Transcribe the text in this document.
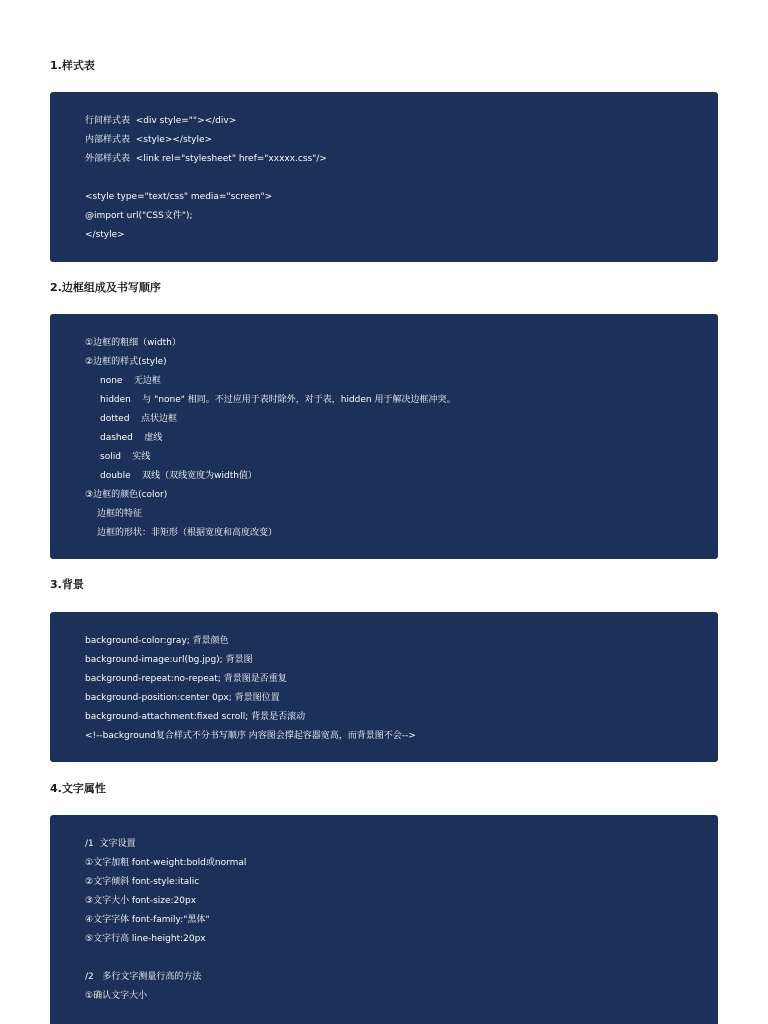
1.样式表
行间样式表  <div style=""></div>
内部样式表  <style></style>
外部样式表  <link rel="stylesheet" href="xxxxx.css"/>
<style type="text/css" media="screen">
@import url("CSS文件");
</style>
2.边框组成及书写顺序
①边框的粗细（width）
②边框的样式(style)
none    无边框
hidden    与 "none" 相同。不过应用于表时除外，对于表，hidden 用于解决边框冲突。
dotted    点状边框
dashed    虚线
solid    实线
double    双线（双线宽度为width值）
③边框的颜色(color)
边框的特征
边框的形状：非矩形（根据宽度和高度改变）
3.背景
background-color:gray; 背景颜色
background-image:url(bg.jpg); 背景图
background-repeat:no-repeat; 背景图是否重复
background-position:center 0px; 背景图位置
background-attachment:fixed scroll; 背景是否滚动
<!--background复合样式不分书写顺序 内容图会撑起容器宽高，而背景图不会-->
4.文字属性
/1  文字设置
①文字加粗 font-weight:bold或normal
②文字倾斜 font-style:italic
③文字大小 font-size:20px
④文字字体 font-family:"黑体"
⑤文字行高 line-height:20px
/2   多行文字测量行高的方法
①确认文字大小
